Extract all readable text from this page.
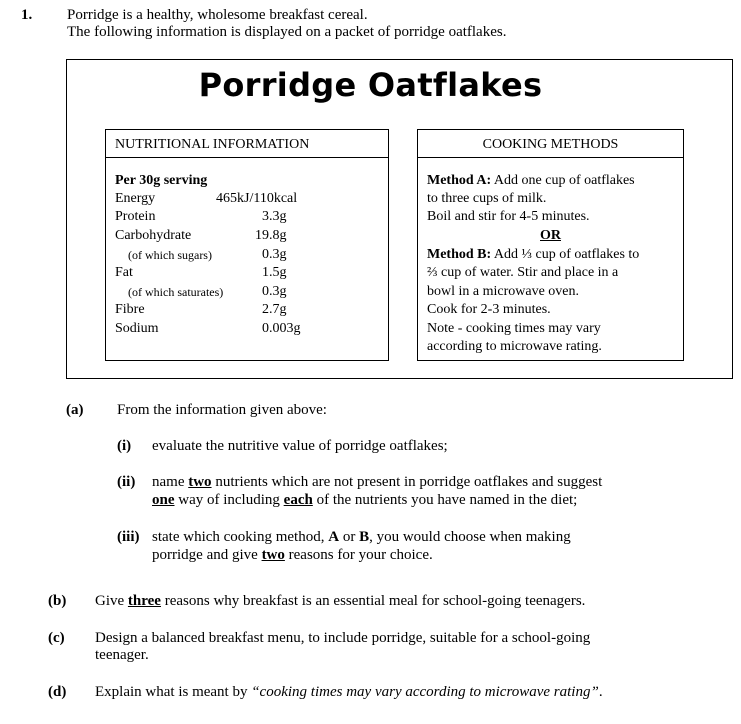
1. Porridge is a healthy, wholesome breakfast cereal.
The following information is displayed on a packet of porridge oatflakes.
Porridge Oatflakes
NUTRITIONAL INFORMATION
Per 30g serving
Energy	465kJ/110kcal
Protein	3.3g
Carbohydrate	19.8g
(of which sugars)	0.3g
Fat	1.5g
(of which saturates)	0.3g
Fibre	2.7g
Sodium	0.003g
COOKING METHODS
Method A: Add one cup of oatflakes
to three cups of milk.
Boil and stir for 4-5 minutes.
OR
Method B: Add ⅓ cup of oatflakes to
⅔ cup of water. Stir and place in a
bowl in a microwave oven.
Cook for 2-3 minutes.
Note - cooking times may vary
according to microwave rating.
(a) From the information given above:
(i) evaluate the nutritive value of porridge oatflakes;
(ii) name two nutrients which are not present in porridge oatflakes and suggest
one way of including each of the nutrients you have named in the diet;
(iii) state which cooking method, A or B, you would choose when making
porridge and give two reasons for your choice.
(b) Give three reasons why breakfast is an essential meal for school-going teenagers.
(c) Design a balanced breakfast menu, to include porridge, suitable for a school-going
teenager.
(d) Explain what is meant by “cooking times may vary according to microwave rating”.
